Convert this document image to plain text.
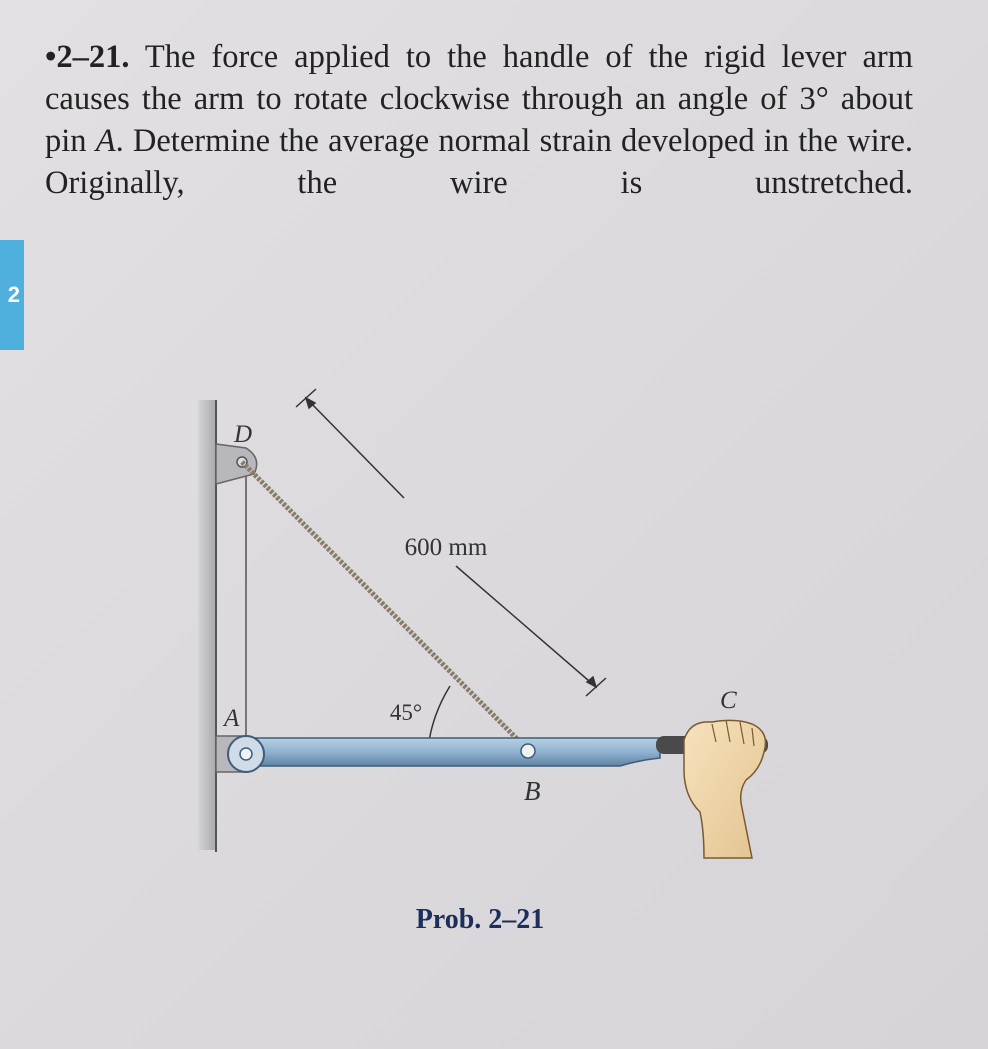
•2–21. The force applied to the handle of the rigid lever arm causes the arm to rotate clockwise through an angle of 3° about pin A. Determine the average normal strain developed in the wire. Originally, the wire is unstretched.

2
600 mm
45°
D
A
B
C
Prob. 2–21
